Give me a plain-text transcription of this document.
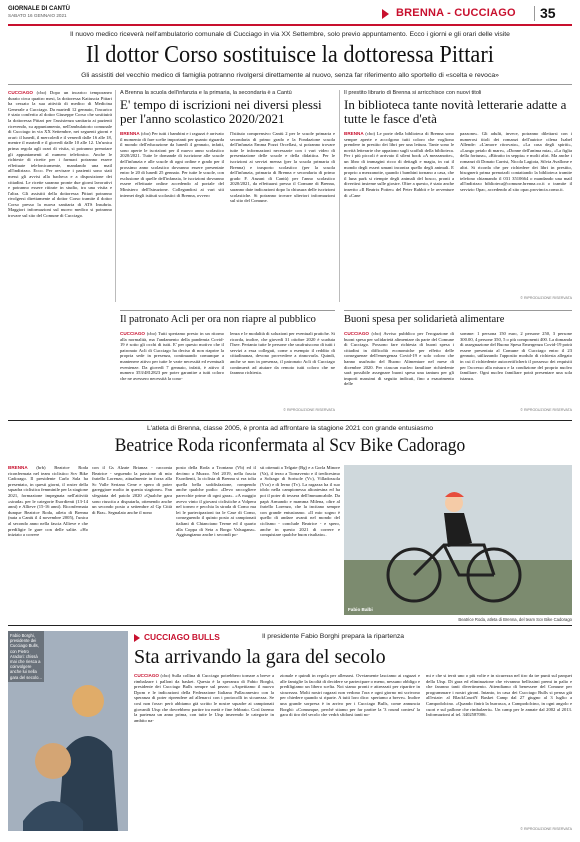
GIORNALE DI CANTÙ
SABATO 16 GENNAIO 2021	BRENNA - CUCCIAGO 35
Il nuovo medico riceverà nell'ambulatorio comunale di Cucciago in via XX Settembre, solo previo appuntamento. Ecco i giorni e gli orari delle visite
Il dottor Corso sostituisce la dottoressa Pittari
Gli assistiti del vecchio medico di famiglia potranno rivolgersi direttamente al nuovo, senza far riferimento allo sportello di «scelta e revoca»
CUCCIAGO (cbo) Dopo un incarico temporaneo durato circa quattro mesi, la dottoressa Katiuscia Pittari ha cessato la sua attività di medico di Medicina Generale a Cucciago. Da martedì 12 gennaio, l'incarico è stato conferito al dottor Giuseppe Corso che sostituirà la dottoressa Pittari per l'assistenza sanitaria ai pazienti ricevendo, su appuntamento, nell'ambulatorio comunale di Cucciago in via XX Settembre, nei seguenti giorni e orari: il lunedì, il mercoledì e il venerdì dalle 16 alle 18, mentre il martedì e il giovedì dalle 10 alle 12. Un'unica prima regola agli orari di visita, si potranno prenotare gli appuntamenti al numero telefonico. Anche le richieste di ricette per i farmaci potranno essere effettuate telefonicamente, mandando una mail all'indirizzo. Ecco. Per avvisare i pazienti sono stati messi gli avvisi alla bacheca e a disposizione dei cittadini. Le ricette saranno pronte due giorni lavorativi e potranno essere ritirate in studio, tra una visita e l'altra. Gli assistiti della dottoressa Pittari potranno rivolgersi direttamente al dottor Corso tramite il dottor Corso presso la nuova sanitaria di ATS Insubria. Maggiori informazioni sul nuovo medico si potranno trovare sul sito del Comune di Cucciago.
A Brenna la scuola dell'infanzia e la primaria, la secondaria è a Cantù
E' tempo di iscrizioni nei diversi plessi per l'anno scolastico 2020/2021
BRENNA (cbo) Per tutti i bambini e i ragazzi è arrivato il momento di fare scelte importanti per quanto riguarda il mondo dell'educazione da lunedì 4 gennaio, infatti, sono aperte le iscrizioni per il nuovo anno scolastico 2020/2021. Tutte le domande di iscrizione alle scuole dell'infanzia e alle scuole di ogni ordine e grado per il prossimo anno scolastico dovranno essere presentate entro le 20 di lunedì 25 gennaio. Per tutte le scuole, con esclusione di quelle dell'infanzia, le iscrizioni dovranno essere effettuate online accedendo al portale del Ministero dell'Istruzione. Collegandosi ai vari siti internet degli istituti scolastici di Brenna, ovvero
l'Istituto comprensivo Cantù 2 per le scuole primaria e secondaria di primo grado e la Fondazione scuola dell'infanzia Emma Pozzi Orcellasi, si potranno trovare tutte le informazioni necessarie con i vari video di presentazione delle scuole e della didattica. Per le iscrizioni ai servizi mensa (per la scuola primaria di Brenna) e trasporto scolastico (per la scuola dell'infanzia, primaria di Brenna e secondaria di primo grado F. Anzani di Cantù) per l'anno scolastico 2020/2021, da effettuarsi presso il Comune di Brenna, saranno date indicazioni dopo la chiusura delle iscrizioni scolastiche. Si potranno trovare ulteriori informazioni sul sito del Comune.
Il prestito librario di Brenna si arricchisce con nuovi titoli
In biblioteca tante novità letterarie adatte a tutte le fasce d'età
BRENNA (cbo) Le porte della biblioteca di Brenna sono sempre aperte e accolgono tutti coloro che vogliono prendere in prestito dei libri per una lettura. Tante sono le novità letterarie che appaiono sugli scaffali della biblioteca. Per i più piccoli è arrivato il silent book «A mezzanotte», un libro di immagini ricco di dettagli e magia, in cui il mondo degli esseri umani incontra quello degli animali. E proprio a mezzanotte, quando i bambini tornano a casa, che il luna park si riempie degli animali del bosco, pronti a divertirsi insieme sulle giostre. Oltre a questo, è stato anche inserito «Il Beatrix Potter» del Peter Rabbit e le avventure di «Cane
pazzone». Gli adulti, invece, potranno dilettarsi con i numerosi titoli dei romanzi dell'autrice cilena Isabel Allende: «L'amore ritrovato», «La casa degli spiriti», «Lungo petalo di mare», «Donne dell'anima mia», «La figlia della fortuna», «Ritratto in seppia» e molti altri. Ma anche i romanzi di Donato Carrisi, Nicola Lagioia, Silvia Avallone e altri. Si ricorda che per richiedere dei libri in prestito, bisognerà prima prenotarli contattando la biblioteca tramite telefono chiamando il 031 3510664 o mandando una mail all'indirizzo biblioteca@comune.brenna.co.it o tramite il servizio Opac, accedendo al sito opac.provincia.como.it.
© RIPRODUZIONE RISERVATA
Il patronato Acli per ora non riapre al pubblico
CUCCIAGO (cbo) Tutti speriamo presto in un ritorno alla normalità, ma l'andamento della pandemia Covid-19 è sotto gli occhi di tutti. E' per questo motivo che il patronato Acli di Cucciago ha deciso di non riaprire la propria sede in presenza, continuando comunque a mantenere attivo per tutte le varie necessità ed eventuali evenienze. Da giovedì 7 gennaio, infatti, è attivo il numero 353/4812823 per poter garantire a tutti coloro che ne avessero necessità la cono-
lenza e le modalità di soluzioni per eventuali pratiche. Si ricorda, inoltre, che giovedì 31 ottobre 2020 è scaduta l'Isee. Pertanto tutte le persone che usufruiscono di tutti i servizi a essa collegati, come a esempio il reddito di cittadinanza, devono provvedere a rinnovarla. Quindi, anche se non in presenza, il patronato Acli di Cucciago continuerà ad aiutare da remoto tutti coloro che ne faranno richiesta.
© RIPRODUZIONE RISERVATA
Buoni spesa per solidarietà alimentare
CUCCIAGO (cbo) Avviso pubblico per l'erogazione di buoni spesa per solidarietà alimentare da parte del Comune di Cucciago. Possono fare richiesta di buoni spesa i cittadini in difficoltà economiche per effetto delle conseguenze dell'emergenza Covid-19 e solo coloro che hanno usufruito del Buono Alimentare nel mese di dicembre 2020. Per ciascun nucleo familiare richiedente sarà possibile assegnare buoni spesa una tantum per gli importi massimi di seguito indicati, fino a esaurimento delle
somme: 1 persona 150 euro, 2 persone 250, 3 persone 300.00, 4 persone 350, 5 o più componenti 400. La domanda di assegnazione del Buono Spesa Emergenza Covid-19 potrà essere presentata al Comune di Cucciago entro il 23 gennaio, utilizzando l'apposito modulo di richiesta allegato in cui il richiedente autocertificherà il possesso dei requisiti per l'accesso alla misura e la condizione del proprio nucleo familiare. Ogni nucleo familiare potrà presentare una sola istanza.
© RIPRODUZIONE RISERVATA
L'atleta di Brenna, classe 2005, è pronta ad affrontare la stagione 2021 con grande entusiasmo
Beatrice Roda riconfermata al Scv Bike Cadorago
BRENNA (brb) Beatrice Roda riconfermata nel team ciclistico Scv Bike Cadorago. Il presidente Carlo Sala ha presentato, in questi giorni, il roster della squadra ciclistica femminile per la stagione 2021, formazione impegnata nell'attività «strada» per le categorie Esordienti (13-14 anni) e Allieve (15-16 anni). Riconfermata dunque Beatrice Roda, atleta di Brenna (nata a Cantù il 4 novembre 2005), l'unica al secondo anno nella fascia Allieve e che prediligie le gare con delle salite. «Ho iniziato a correre
con il Gs Alzate Brianza - racconta Beatrice - seguendo la passione di mio fratello Lorenzo, attualmente in forza alla Sc Valle Seriana Cene e spero di poter gareggiare molto in questa stagione». Fan sfegatata del paiolo 2020 «Qualche gara sono riuscita a disputarla, ottenendo anche un secondo posto a settembre al Gp Città di Bra». Segnalato anche il nono
posto della Roda a Trontano (Vb) ed il decimo a Muzzo. Nel 2019, nella fascia Esordienti, la ciclista di Brenna si era tolta quella bella soddisfazione, rompendo anche qualche podio: «Devo raccogliere parecchie prime di ogni gara». «A maggio avevo vinto il giovani ciclistiche a Volpera nel torneo e pecchia la strada di Como ma lei le partecipazioni tra le Case di Como, conseguendo il quinto posto ai campionati italiani di Chianciano Terme ed il quarto alla Coppa di Seta a Borgo Valsugana». Aggiungiamo anche i secondi po-
sti ottenuti a Telgate (Bg) e a Gorla Minore (Va), il terzo a Tornavento e il tredicesimo a Solzago di Sorisole (Vc), Villadossola (Vco) e di Ierno (Tv). La ragazza ha il suo idolo nella campionessa altoatesina ed ha poi il poter di tessera dell'immancabile. Da papà Armando e mamma Milena, oltre al fratello Lorenzo, che la incitano sempre con grande entusiasmo. «Il mio sogno è quello di andare avanti nel mondo del ciclismo - conclude Beatrice - e spero, anche in questo 2021 di correre e conquistare qualche buon risultato».
Fabio Balbi
Beatrice Roda, atleta di Brenna, del team Scv Bike Cadorago
Fabio Borghi, presidente dei Cucciago Bulls, con Pietro Aradori: chissà mai che riesca a coinvolgere anche lui nella gara del secolo...
CUCCIAGO BULLS	Il presidente Fabio Borghi prepara la ripartenza
Sta arrivando la gara del secolo
CUCCIAGO (cbo) Sulla collina di Cucciago potrebbero tornare a breve a rimbalzare i palloni da basket. Questa è la speranza di Fabio Borghi, presidente dei Cucciago Bulls sempre sul pezzo: «Aspettiamo il nuovo Dpcm e le indicazioni della Federazione Italiana Pallacanestro con la speranza di poter riprendere ad allenarci con i protocolli in sicurezza. Se così non fosse: però abbiamo già scritto le nostre squadre ai campionati giovanili Uisp che dovrebbero partire tra metà e fine febbraio. Così faremo la partenza un anno prima, con tutte le Uisp inserendo le categorie in ambito na-
zionale e quindi in regola per allenarsi. Ovviamente lasciamo ai ragazzi e alle famiglie la facoltà di decidere se partecipare o meno, nessuno obbligo e prediligiamo un libero scelta. Noi siamo pronti e attrezzati per ripartire in sicurezza. Molti nostri ragazzi non vedono l'ora e ogni giorno mi scrivono per chiedere quando si riparte. A tutti loro dico: speriamo a breve». Inoltre una grande sorpresa è in arrivo per i Cucciago Bulls, come annuncia Borghi: «Comunque, perché stiamo per far partire la '3 round contest' la gara di tiro del secolo che vedrà sfidarsi tanti no-
mi e che si terrà uno o più volte e in sicurezza nel tiro da tre punti sul parquet della Uisp. Di gara ed eliminazione che vivranno bellissimi premi in palio e che faranno tanti divertimento. Attendiamo di benessere del Comune per programmare i nostri gironi. Intanto, in casa dei Cucciago Bulls si pensa già all'estate: al BlackCourtN Basket Camp dal 27 giugno al 3 luglio a Campodolcino. «Quando finirà la burrasca, a Campodolcino, in ogni angolo e cuori e sul pallone che rimbalzerà». Un camp per le annate dal 2002 al 2013. Informazioni al tel. 3402587006.
© RIPRODUZIONE RISERVATA
